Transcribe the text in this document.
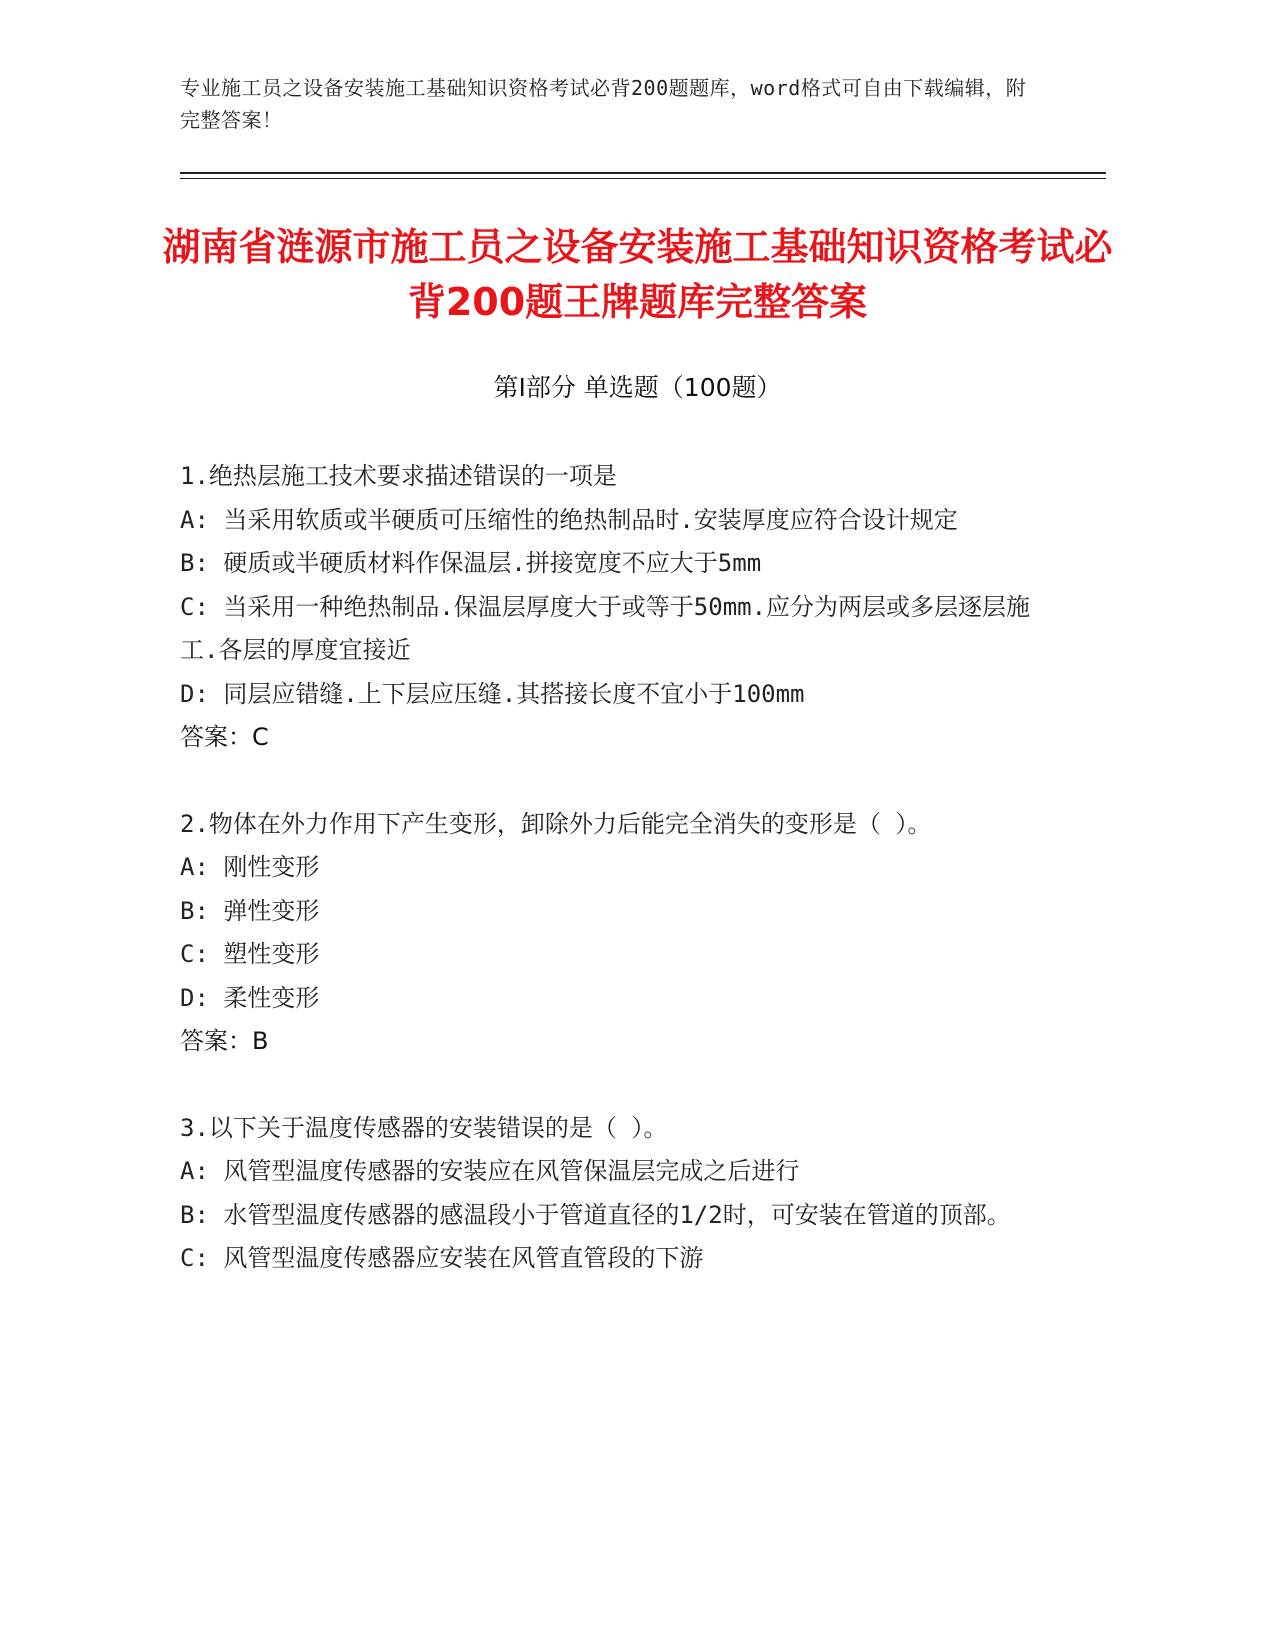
专业施工员之设备安装施工基础知识资格考试必背200题题库，word格式可自由下载编辑，附完整答案！
湖南省涟源市施工员之设备安装施工基础知识资格考试必背200题王牌题库完整答案
第Ⅰ部分 单选题（100题）

1.绝热层施工技术要求描述错误的一项是

A: 当采用软质或半硬质可压缩性的绝热制品时.安装厚度应符合设计规定

B: 硬质或半硬质材料作保温层.拼接宽度不应大于5mm

C: 当采用一种绝热制品.保温层厚度大于或等于50mm.应分为两层或多层逐层施工.各层的厚度宜接近

D: 同层应错缝.上下层应压缝.其搭接长度不宜小于100mm

答案：C

2.物体在外力作用下产生变形，卸除外力后能完全消失的变形是（ ）。

A: 刚性变形

B: 弹性变形

C: 塑性变形

D: 柔性变形

答案：B

3.以下关于温度传感器的安装错误的是（ ）。

A: 风管型温度传感器的安装应在风管保温层完成之后进行

B: 水管型温度传感器的感温段小于管道直径的1/2时，可安装在管道的顶部。

C: 风管型温度传感器应安装在风管直管段的下游
